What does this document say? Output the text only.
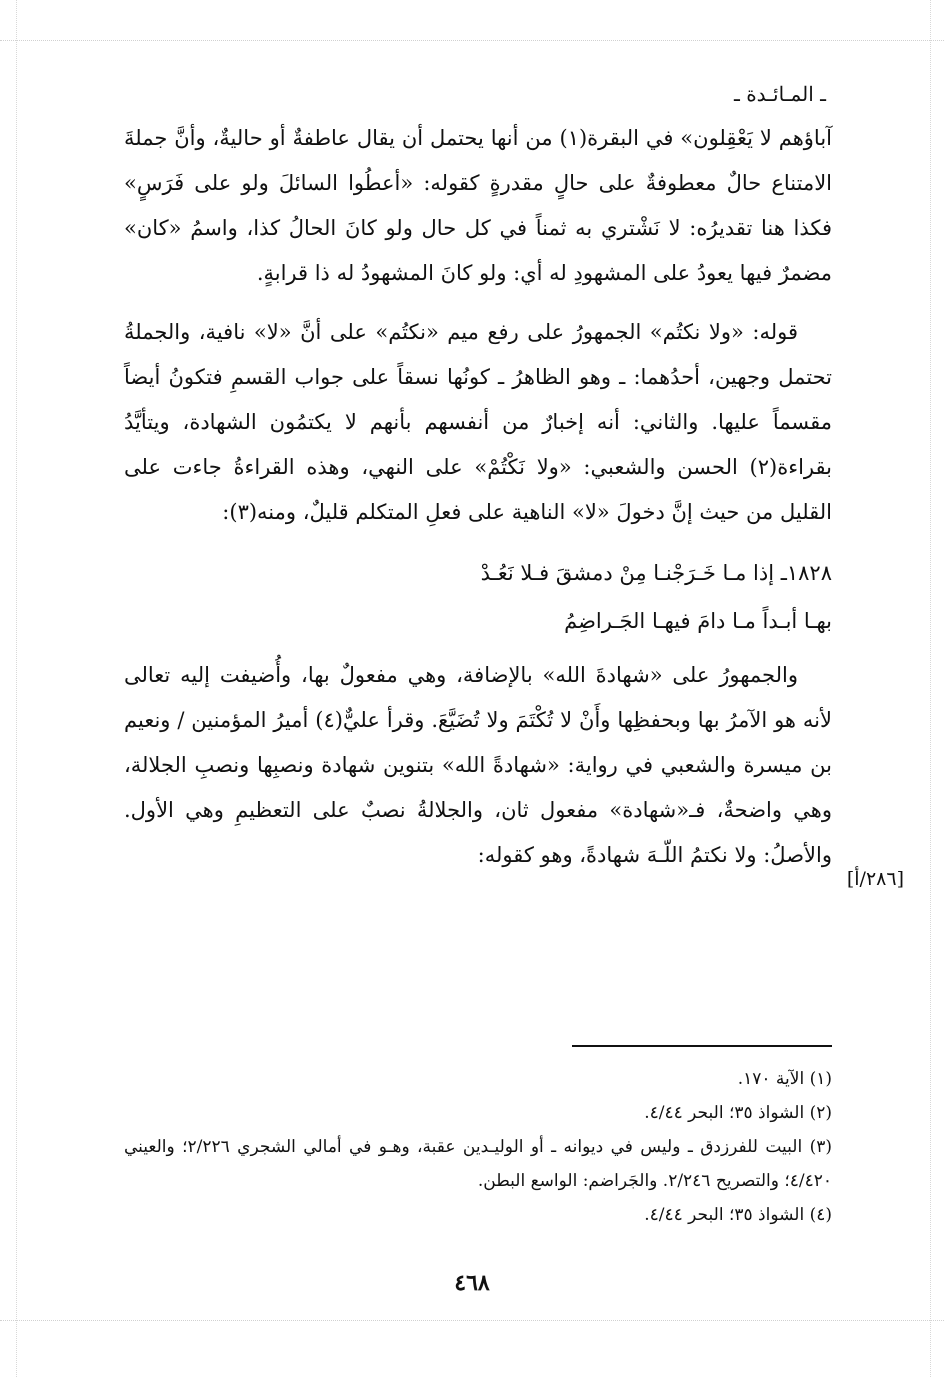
ـ المـائـدة ـ

آباؤهم لا يَعْقِلون» في البقرة(١) من أنها يحتمل أن يقال عاطفةٌ أو حاليةٌ، وأنَّ جملةَ الامتناع حالٌ معطوفةٌ على حالٍ مقدرةٍ كقوله: «أعطُوا السائلَ ولو على فَرَسٍ» فكذا هنا تقديرُه: لا نَشْتري به ثمناً في كل حال ولو كانَ الحالُ كذا، واسمُ «كان» مضمرٌ فيها يعودُ على المشهودِ له أي: ولو كانَ المشهودُ له ذا قرابةٍ.

قوله: «ولا نكتُم» الجمهورُ على رفع ميم «نكتُم» على أنَّ «لا» نافية، والجملةُ تحتمل وجهين، أحدُهما: ـ وهو الظاهرُ ـ كونُها نسقاً على جواب القسمِ فتكونُ أيضاً مقسماً عليها. والثاني: أنه إخبارٌ من أنفسهم بأنهم لا يكتمُون الشهادة، ويتأيَّدُ بقراءة(٢) الحسن والشعبي: «ولا نَكْتُمْ» على النهي، وهذه القراءةُ جاءت على القليل من حيث إنَّ دخولَ «لا» الناهية على فعلِ المتكلم قليلٌ، ومنه(٣):

١٨٢٨ـ إذا مـا خَـرَجْنـا مِنْ دمشقَ فـلا نَعُـدْ
بهـا أبـداً مـا دامَ فيهـا الجَـراضِمُ

والجمهورُ على «شهادةَ الله» بالإضافة، وهي مفعولٌ بها، وأُضيفت إليه تعالى لأنه هو الآمرُ بها وبحفظِها وأَنْ لا تُكْتَمَ ولا تُضَيَّعَ. وقرأ عليٌّ(٤) أميرُ المؤمنين / ونعيم بن ميسرة والشعبي في رواية: «شهادةً الله» بتنوين شهادة ونصبِها ونصبِ الجلالة، وهي واضحةٌ، فـ«شهادة» مفعول ثان، والجلالةُ نصبٌ على التعظيمِ وهي الأول. والأصلُ: ولا نكتمُ اللّـهَ شهادةً، وهو كقوله:

[٢٨٦/أ]

(١) الآية ١٧٠.

(٢) الشواذ ٣٥؛ البحر ٤/٤٤.

(٣) البيت للفرزدق ـ وليس في ديوانه ـ أو الوليـدين عقبة، وهـو في أمالي الشجري ٢/٢٢٦؛ والعيني ٤/٤٢٠؛ والتصريح ٢/٢٤٦. والجَراضم: الواسع البطن.

(٤) الشواذ ٣٥؛ البحر ٤/٤٤.

٤٦٨
